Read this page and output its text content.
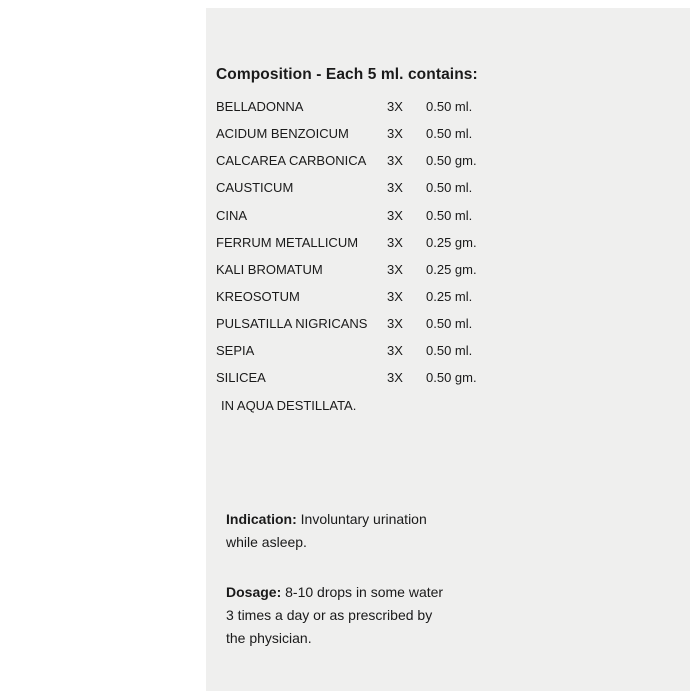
Composition - Each 5 ml. contains:
BELLADONNA	3X 0.50 ml.
ACIDUM BENZOICUM	3X 0.50 ml.
CALCAREA CARBONICA 3X 0.50 gm.
CAUSTICUM	3X 0.50 ml.
CINA	3X 0.50 ml.
FERRUM METALLICUM 3X 0.25 gm.
KALI BROMATUM	3X 0.25 gm.
KREOSOTUM	3X 0.25 ml.
PULSATILLA NIGRICANS 3X 0.50 ml.
SEPIA	3X 0.50 ml.
SILICEA	3X 0.50 gm.
IN AQUA DESTILLATA.
Indication: Involuntary urination
while asleep.
Dosage: 8-10 drops in some water
3 times a day or as prescribed by
the physician.
